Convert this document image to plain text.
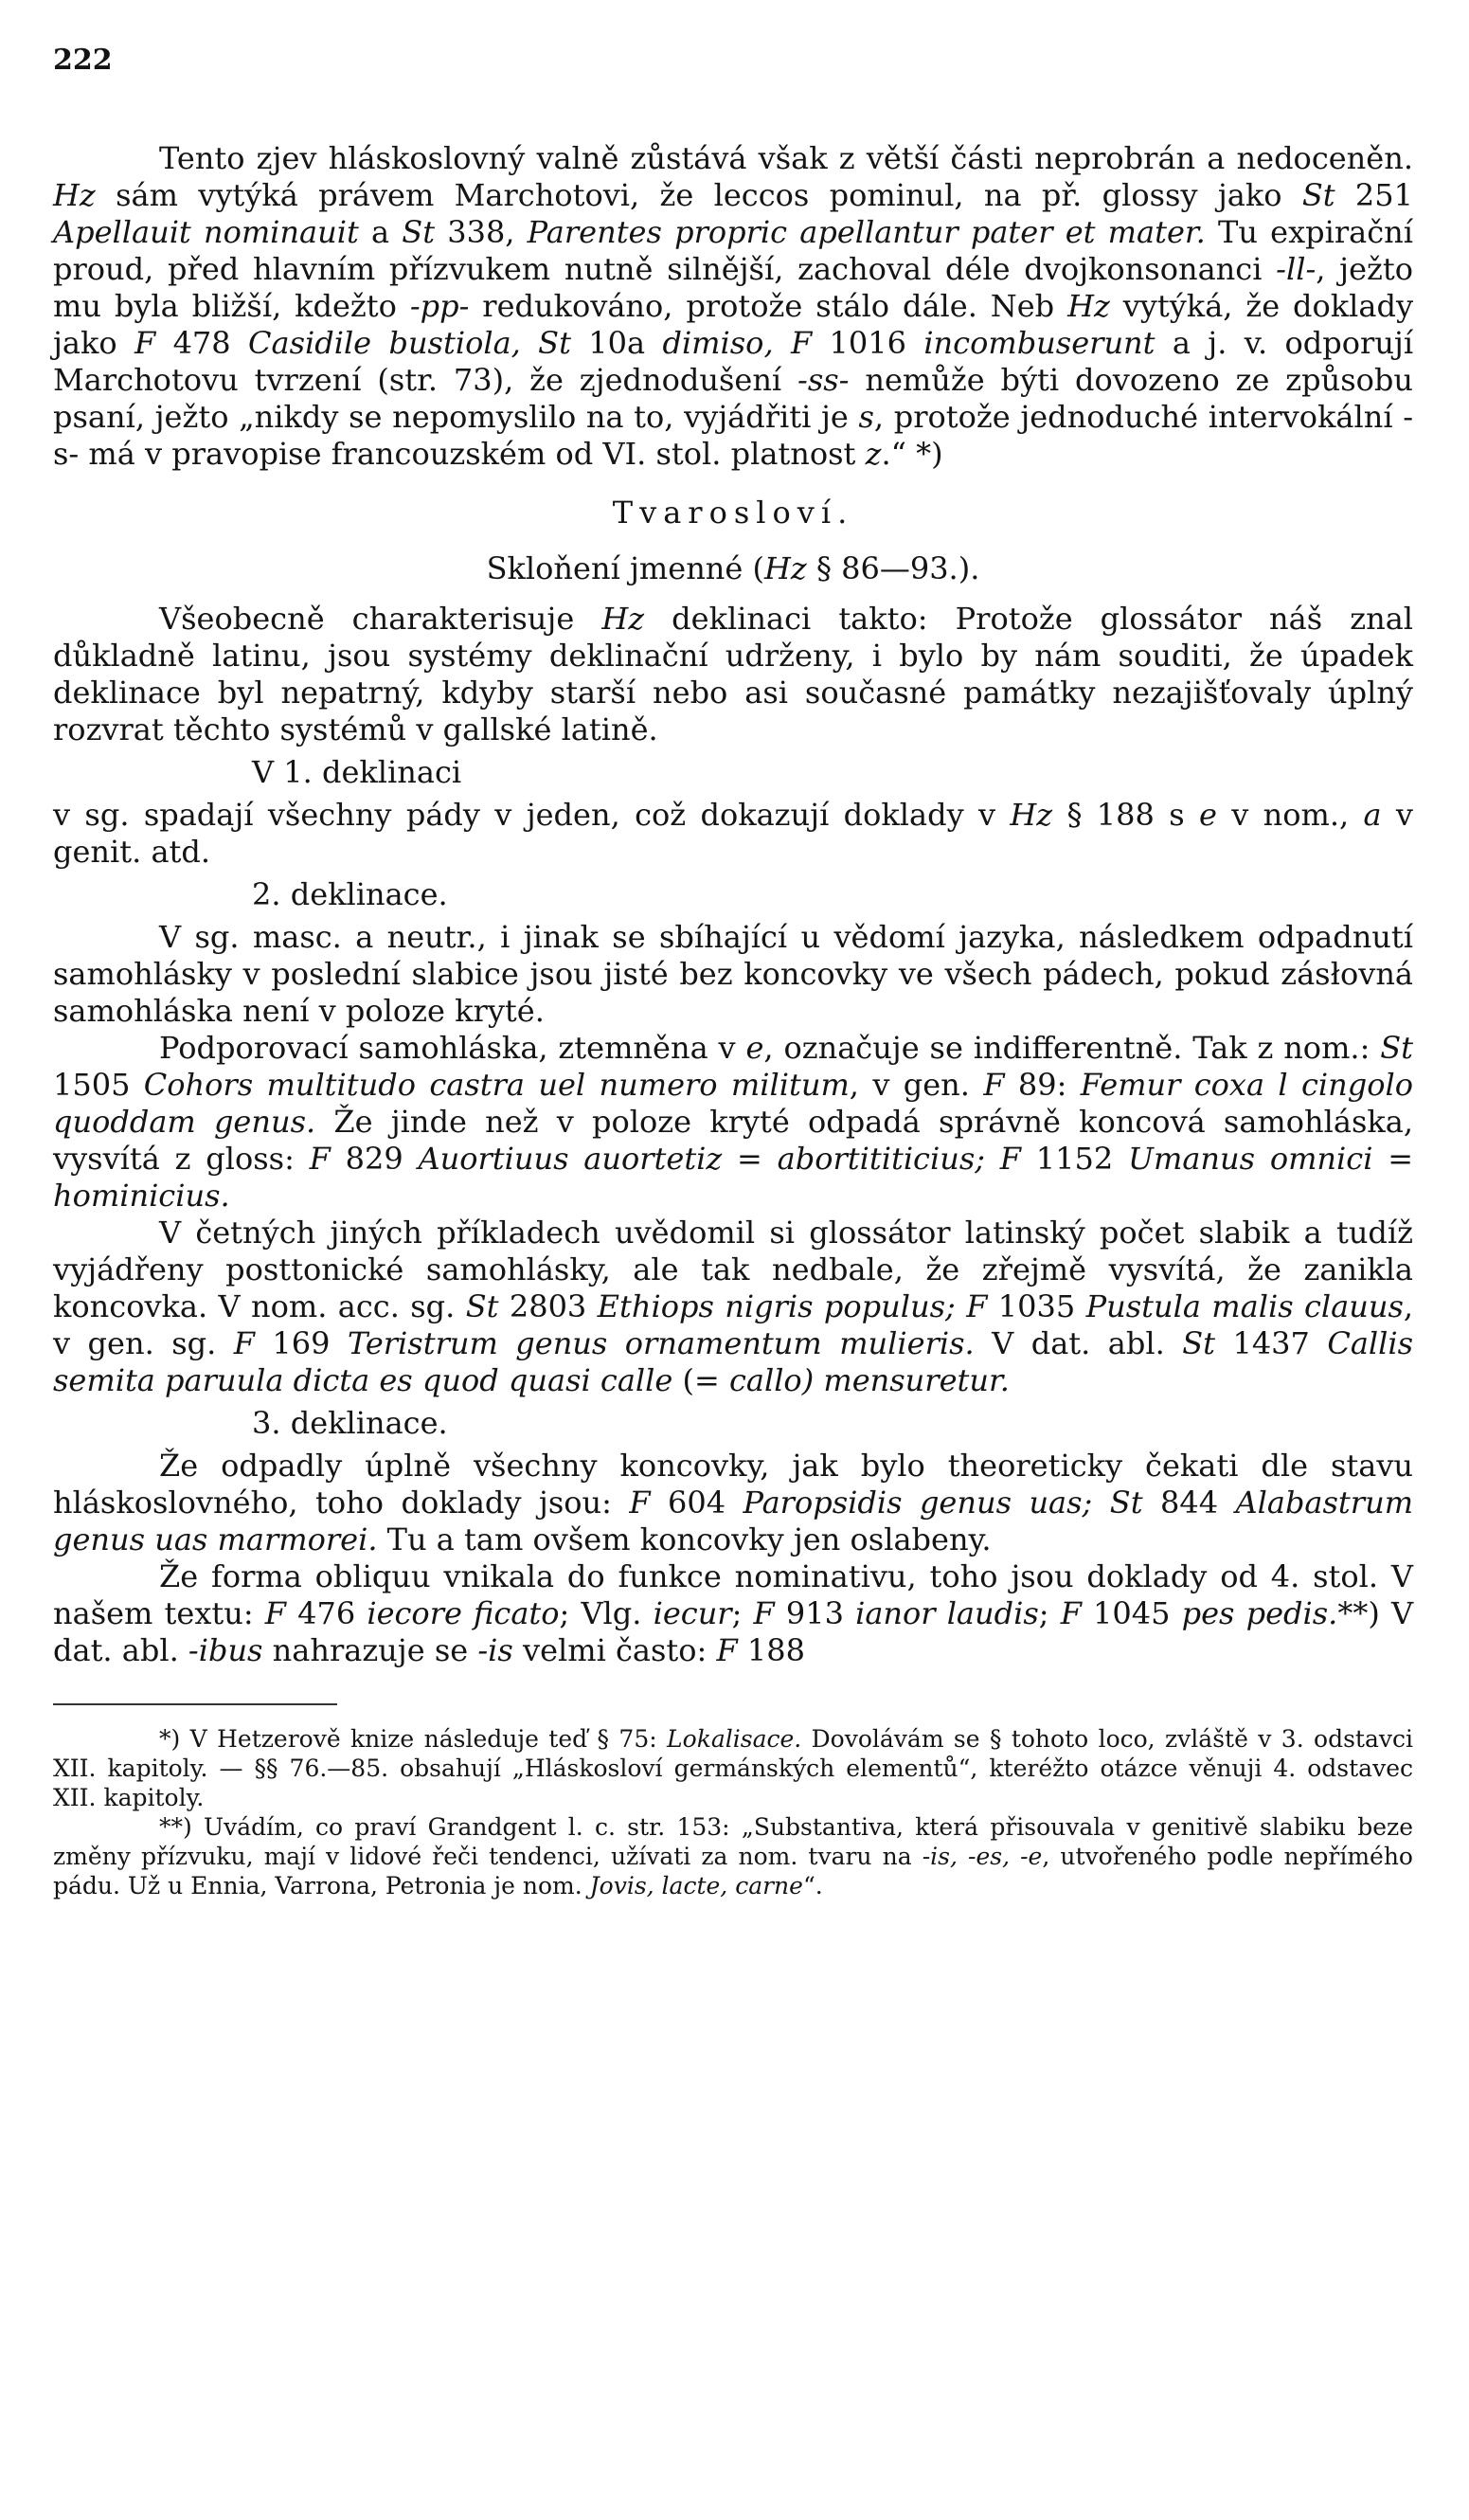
222

Tento zjev hláskoslovný valně zůstává však z větší části neprobrán a nedoceněn. Hz sám vytýká právem Marchotovi, že leccos pominul, na př. glossy jako St 251 Apellauit nominauit a St 338, Parentes propric apellantur pater et mater. Tu expirační proud, před hlavním přízvukem nutně silnější, zachoval déle dvojkonsonanci -ll-, ježto mu byla bližší, kdežto -pp- redukováno, protože stálo dále. Neb Hz vytýká, že doklady jako F 478 Casidile bustiola, St 10a dimiso, F 1016 incombuserunt a j. v. odporují Marchotovu tvrzení (str. 73), že zjednodušení -ss- nemůže býti dovozeno ze způsobu psaní, ježto „nikdy se nepomyslilo na to, vyjádřiti je s, protože jednoduché intervokální -s- má v pravopise francouzském od VI. stol. platnost z.“ *)

Tvarosloví.

Skloňení jmenné (Hz § 86—93.).

Všeobecně charakterisuje Hz deklinaci takto: Protože glossátor náš znal důkladně latinu, jsou systémy deklinační udrženy, i bylo by nám souditi, že úpadek deklinace byl nepatrný, kdyby starší nebo asi současné památky nezajišťovaly úplný rozvrat těchto systémů v gallské latině.

V 1. deklinaci

v sg. spadají všechny pády v jeden, což dokazují doklady v Hz § 188 s e v nom., a v genit. atd.

2. deklinace.

V sg. masc. a neutr., i jinak se sbíhající u vědomí jazyka, následkem odpadnutí samohlásky v poslední slabice jsou jisté bez koncovky ve všech pádech, pokud zásłovná samohláska není v poloze kryté.

Podporovací samohláska, ztemněna v e, označuje se indifferentně. Tak z nom.: St 1505 Cohors multitudo castra uel numero militum, v gen. F 89: Femur coxa l cingolo quoddam genus. Že jinde než v poloze kryté odpadá správně koncová samohláska, vysvítá z gloss: F 829 Auortiuus auortetiz = abortititicius; F 1152 Umanus omnici = hominicius.

V četných jiných příkladech uvědomil si glossátor latinský počet slabik a tudíž vyjádřeny posttonické samohlásky, ale tak nedbale, že zřejmě vysvítá, že zanikla koncovka. V nom. acc. sg. St 2803 Ethiops nigris populus; F 1035 Pustula malis clauus, v gen. sg. F 169 Teristrum genus ornamentum mulieris. V dat. abl. St 1437 Callis semita paruula dicta es quod quasi calle (= callo) mensuretur.

3. deklinace.

Že odpadly úplně všechny koncovky, jak bylo theoreticky čekati dle stavu hláskoslovného, toho doklady jsou: F 604 Paropsidis genus uas; St 844 Alabastrum genus uas marmorei. Tu a tam ovšem koncovky jen oslabeny.

Že forma obliquu vnikala do funkce nominativu, toho jsou doklady od 4. stol. V našem textu: F 476 iecore ficato; Vlg. iecur; F 913 ianor laudis; F 1045 pes pedis.**) V dat. abl. -ibus nahrazuje se -is velmi často: F 188

*) V Hetzerově knize následuje teď § 75: Lokalisace. Dovolávám se § tohoto loco, zvláště v 3. odstavci XII. kapitoly. — §§ 76.—85. obsahují „Hláskosloví germánských elementů“, kteréžto otázce věnuji 4. odstavec XII. kapitoly.

**) Uvádím, co praví Grandgent l. c. str. 153: „Substantiva, která přisouvala v genitivě slabiku beze změny přízvuku, mají v lidové řeči tendenci, užívati za nom. tvaru na -is, -es, -e, utvořeného podle nepřímého pádu. Už u Ennia, Varrona, Petronia je nom. Jovis, lacte, carne“.
